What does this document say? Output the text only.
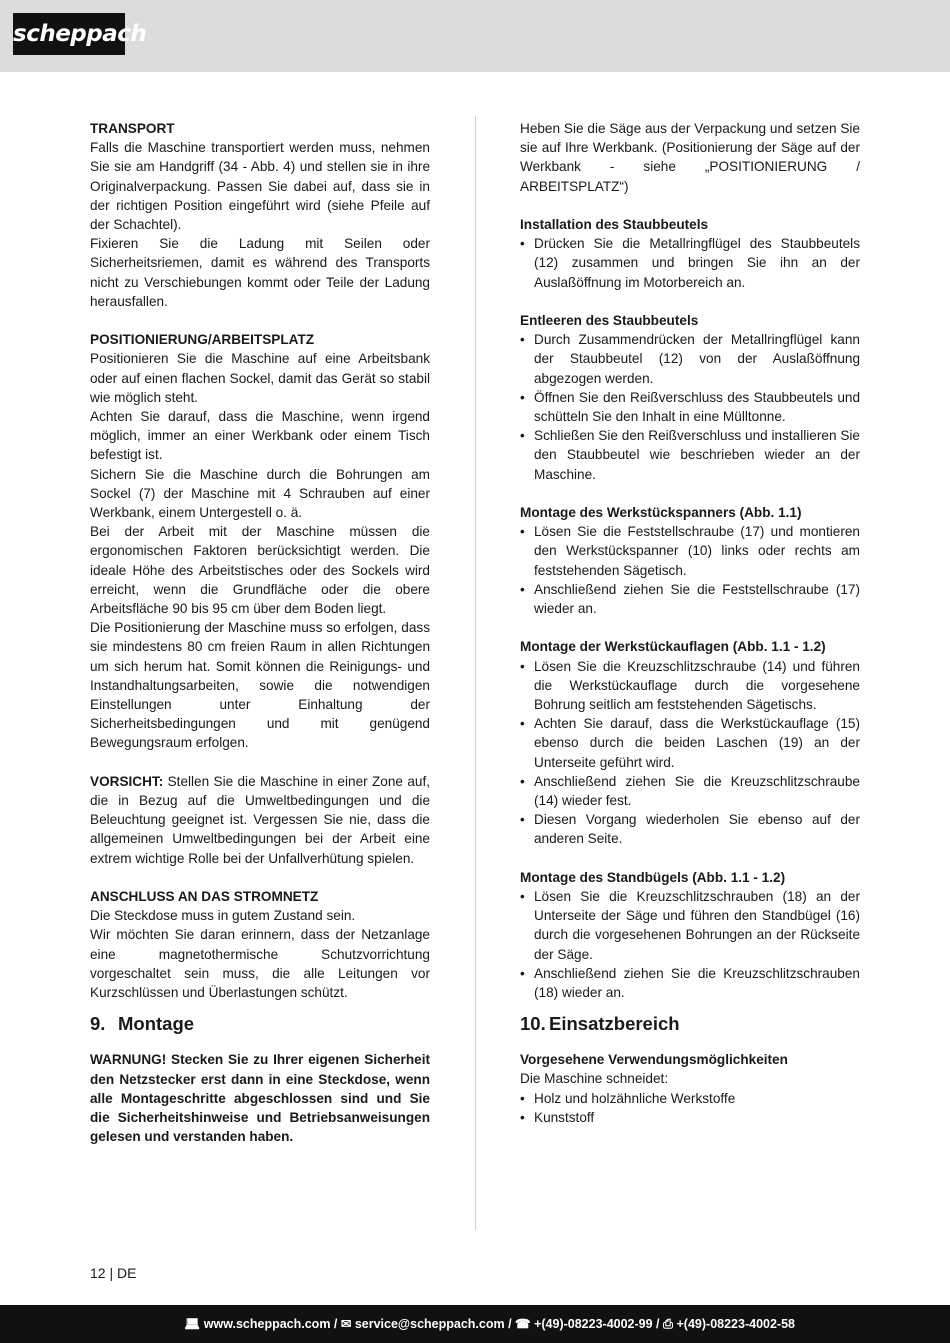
scheppach

TRANSPORT

Falls die Maschine transportiert werden muss, nehmen Sie sie am Handgriff (34 - Abb. 4) und stellen sie in ihre Originalverpackung. Passen Sie dabei auf, dass sie in der richtigen Position eingeführt wird (siehe Pfeile auf der Schachtel).

Fixieren Sie die Ladung mit Seilen oder Sicherheitsriemen, damit es während des Transports nicht zu Verschiebungen kommt oder Teile der Ladung herausfallen.

POSITIONIERUNG/ARBEITSPLATZ

Positionieren Sie die Maschine auf eine Arbeitsbank oder auf einen flachen Sockel, damit das Gerät so stabil wie möglich steht.

Achten Sie darauf, dass die Maschine, wenn irgend möglich, immer an einer Werkbank oder einem Tisch befestigt ist.

Sichern Sie die Maschine durch die Bohrungen am Sockel (7) der Maschine mit 4 Schrauben auf einer Werkbank, einem Untergestell o. ä.

Bei der Arbeit mit der Maschine müssen die ergonomischen Faktoren berücksichtigt werden. Die ideale Höhe des Arbeitstisches oder des Sockels wird erreicht, wenn die Grundfläche oder die obere Arbeitsfläche 90 bis 95 cm über dem Boden liegt.

Die Positionierung der Maschine muss so erfolgen, dass sie mindestens 80 cm freien Raum in allen Richtungen um sich herum hat. Somit können die Reinigungs- und Instandhaltungsarbeiten, sowie die notwendigen Einstellungen unter Einhaltung der Sicherheitsbedingungen und mit genügend Bewegungsraum erfolgen.

VORSICHT: Stellen Sie die Maschine in einer Zone auf, die in Bezug auf die Umweltbedingungen und die Beleuchtung geeignet ist. Vergessen Sie nie, dass die allgemeinen Umweltbedingungen bei der Arbeit eine extrem wichtige Rolle bei der Unfallverhütung spielen.

ANSCHLUSS AN DAS STROMNETZ

Die Steckdose muss in gutem Zustand sein.

Wir möchten Sie daran erinnern, dass der Netzanlage eine magnetothermische Schutzvorrichtung vorgeschaltet sein muss, die alle Leitungen vor Kurzschlüssen und Überlastungen schützt.

9. Montage

WARNUNG! Stecken Sie zu Ihrer eigenen Sicherheit den Netzstecker erst dann in eine Steckdose, wenn alle Montageschritte abgeschlossen sind und Sie die Sicherheitshinweise und Betriebsanweisungen gelesen und verstanden haben.

Heben Sie die Säge aus der Verpackung und setzen Sie sie auf Ihre Werkbank. (Positionierung der Säge auf der Werkbank - siehe „POSITIONIERUNG / ARBEITSPLATZ“)

Installation des Staubbeutels

• Drücken Sie die Metallringflügel des Staubbeutels (12) zusammen und bringen Sie ihn an der Auslaßöffnung im Motorbereich an.

Entleeren des Staubbeutels

• Durch Zusammendrücken der Metallringflügel kann der Staubbeutel (12) von der Auslaßöffnung abgezogen werden.
• Öffnen Sie den Reißverschluss des Staubbeutels und schütteln Sie den Inhalt in eine Mülltonne.
• Schließen Sie den Reißverschluss und installieren Sie den Staubbeutel wie beschrieben wieder an der Maschine.

Montage des Werkstückspanners (Abb. 1.1)

• Lösen Sie die Feststellschraube (17) und montieren den Werkstückspanner (10) links oder rechts am feststehenden Sägetisch.
• Anschließend ziehen Sie die Feststellschraube (17) wieder an.

Montage der Werkstückauflagen (Abb. 1.1 - 1.2)

• Lösen Sie die Kreuzschlitzschraube (14) und führen die Werkstückauflage durch die vorgesehene Bohrung seitlich am feststehenden Sägetischs.
• Achten Sie darauf, dass die Werkstückauflage (15) ebenso durch die beiden Laschen (19) an der Unterseite geführt wird.
• Anschließend ziehen Sie die Kreuzschlitzschraube (14) wieder fest.
• Diesen Vorgang wiederholen Sie ebenso auf der anderen Seite.

Montage des Standbügels (Abb. 1.1 - 1.2)

• Lösen Sie die Kreuzschlitzschrauben (18) an der Unterseite der Säge und führen den Standbügel (16) durch die vorgesehenen Bohrungen an der Rückseite der Säge.
• Anschließend ziehen Sie die Kreuzschlitzschrauben (18) wieder an.
10. Einsatzbereich

Vorgesehene Verwendungsmöglichkeiten

Die Maschine schneidet:

• Holz und holzähnliche Werkstoffe
• Kunststoff
12 | DE
💻︎ www.scheppach.com / ✉︎ service@scheppach.com / ☎︎ +(49)-08223-4002-99 / ⎙ +(49)-08223-4002-58
